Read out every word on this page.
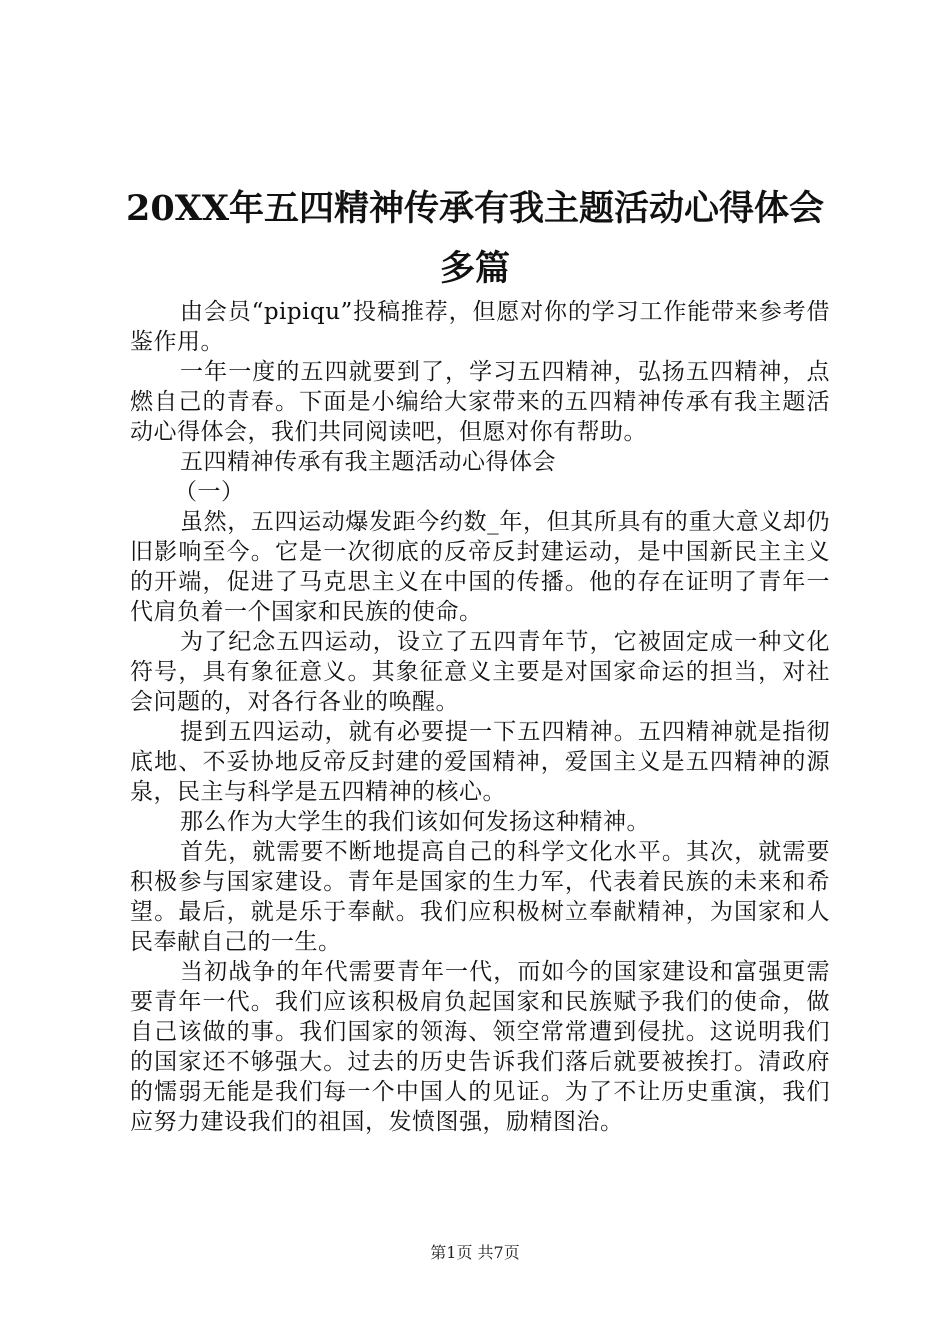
20XX年五四精神传承有我主题活动心得体会
多篇

由会员“pipiqu”投稿推荐，但愿对你的学习工作能带来参考借鉴作用。

一年一度的五四就要到了，学习五四精神，弘扬五四精神，点燃自己的青春。下面是小编给大家带来的五四精神传承有我主题活动心得体会，我们共同阅读吧，但愿对你有帮助。

五四精神传承有我主题活动心得体会

（一）

虽然，五四运动爆发距今约数_年，但其所具有的重大意义却仍旧影响至今。它是一次彻底的反帝反封建运动，是中国新民主主义的开端，促进了马克思主义在中国的传播。他的存在证明了青年一代肩负着一个国家和民族的使命。

为了纪念五四运动，设立了五四青年节，它被固定成一种文化符号，具有象征意义。其象征意义主要是对国家命运的担当，对社会问题的，对各行各业的唤醒。

提到五四运动，就有必要提一下五四精神。五四精神就是指彻底地、不妥协地反帝反封建的爱国精神，爱国主义是五四精神的源泉，民主与科学是五四精神的核心。

那么作为大学生的我们该如何发扬这种精神。

首先，就需要不断地提高自己的科学文化水平。其次，就需要积极参与国家建设。青年是国家的生力军，代表着民族的未来和希望。最后，就是乐于奉献。我们应积极树立奉献精神，为国家和人民奉献自己的一生。

当初战争的年代需要青年一代，而如今的国家建设和富强更需要青年一代。我们应该积极肩负起国家和民族赋予我们的使命，做自己该做的事。我们国家的领海、领空常常遭到侵扰。这说明我们的国家还不够强大。过去的历史告诉我们落后就要被挨打。清政府的懦弱无能是我们每一个中国人的见证。为了不让历史重演，我们应努力建设我们的祖国，发愤图强，励精图治。

第1页 共7页
